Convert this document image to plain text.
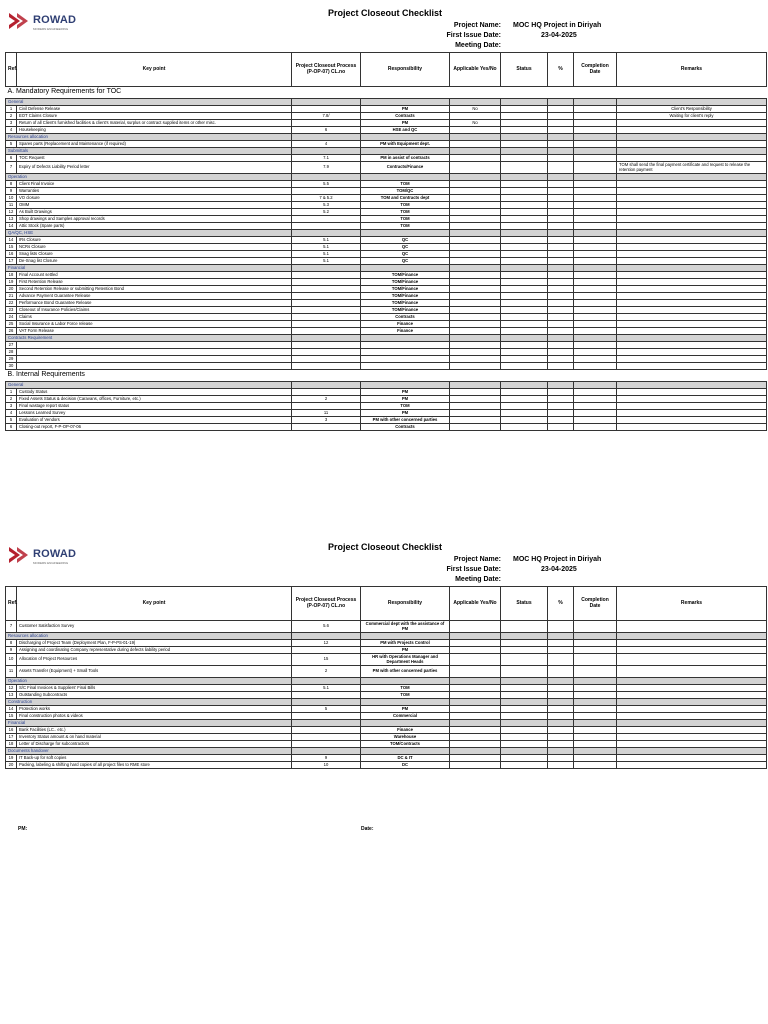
ROWAD
MODERN ENGINEERING
Project Closeout Checklist
Project Name:	MOC HQ Project in Diriyah
First Issue Date:	23-04-2025
Meeting Date:
Ref.	Key point	Project Closeout Process (P-OP-07) CL.no	Responsibility	Applicable Yes/No	Status	%	Completion Date	Remarks
A. Mandatory Requirements for TOC								
General								
1	Civil Defense Release		PM	No				Client's Responsibility
2	EOT Claims Closure	7.8/	Contracts					Waiting for client's reply
3	Return of all Client's furnished facilities & client's material, surplus or contract supplied items or other misc.		PM	No				
4	Housekeeping	6	HSE and QC					
Resources allocation								
5	Spares parts (Replacement and Maintenance (if required)	4	PM with Equipment dept.					
Submittals								
6	TOC Request	7.1	PM in assist of contracts					
7	Expiry of Defects Liability Period letter	7.9	Contracts/Finance					TOM shall send the final payment certificate and request to release the retention payment
Operation								
8	Client Final Invoice	5.5	TOM					
9	Warranties		TOM/QC					
10	VO closure	7 & 5.2	TOM and Contracts dept					
11	OMM	5.3	TOM					
12	As Built Drawings	5.2	TOM					
13	Shop drawings and Samples approval records		TOM					
14	Attic Stock (Spare parts)		TOM					
QA/QC, HSE								
14	IRs Closure	5.1	QC					
15	NCRs Closure	5.1	QC					
16	Snag lists Closure	5.1	QC					
17	De-Snag list Closure	5.1	QC					
Financial								
18	Final Account settled		TOM/Finance					
19	First Retention Release		TOM/Finance					
20	Second Retention Release or submitting Retention Bond		TOM/Finance					
21	Advance Payment Guarantee Release		TOM/Finance					
22	Performance Bond Guarantee Release		TOM/Finance					
23	Closeout of Insurance Policies/Claims		TOM/Finance					
24	Claims		Contracts					
25	Social Insurance & Labor Force release		Finance					
26	VAT Form Release		Finance					
Contracts Requirement								
27								
28								
29								
30								
B. Internal Requirements								
General								
1	Custody Status		PM					
2	Fixed Assets Status & decision (Caravans, offices, Furniture, etc.)	2	PM					
3	Final wastage report status		TOM					
4	Lessons Learned Survey	11	PM					
5	Evaluation of Vendors	3	PM with other concerned parties					
6	Closing-out report, F-P-OP-07-06		Contracts					
ROWAD
MODERN ENGINEERING
Project Closeout Checklist
Project Name:	MOC HQ Project in Diriyah
First Issue Date:	23-04-2025
Meeting Date:
Ref.	Key point	Project Closeout Process (P-OP-07) CL.no	Responsibility	Applicable Yes/No	Status	%	Completion Date	Remarks
7	Customer Satisfaction Survey	5.6	Commercial dept with the assistance of PM					
Resources allocation								
8	Discharging of Project Team (Deployment Plan, F-P-PS-01-19)	12	PM with Projects Control					
9	Assigning and coordinating Company representative during defects liability period		PM					
10	Allocation of Project Resources	15	HR with Operations Manager and Department Heads					
11	Assets Transfer (Equipment) + Small Tools	2	PM with other concerned parties					
Operation								
12	S/C Final Invoices & Suppliers' Final Bills	5.1	TOM					
13	Outstanding Subcontracts		TOM					
Construction								
14	Protection works	5	PM					
15	Final construction photos & videos		Commercial					
Financial								
16	Bank Facilities (LC.. etc.)		Finance					
17	Inventory Status amount & on hand material		Warehouse					
18	Letter of Discharge for subcontractors		TOM/Contracts					
Documents handover								
19	IT Back-up for soft copies	9	DC & IT					
20	Packing, labeling & shifting hard copies of all project files to RME store	10	DC					
PM:	Date:
